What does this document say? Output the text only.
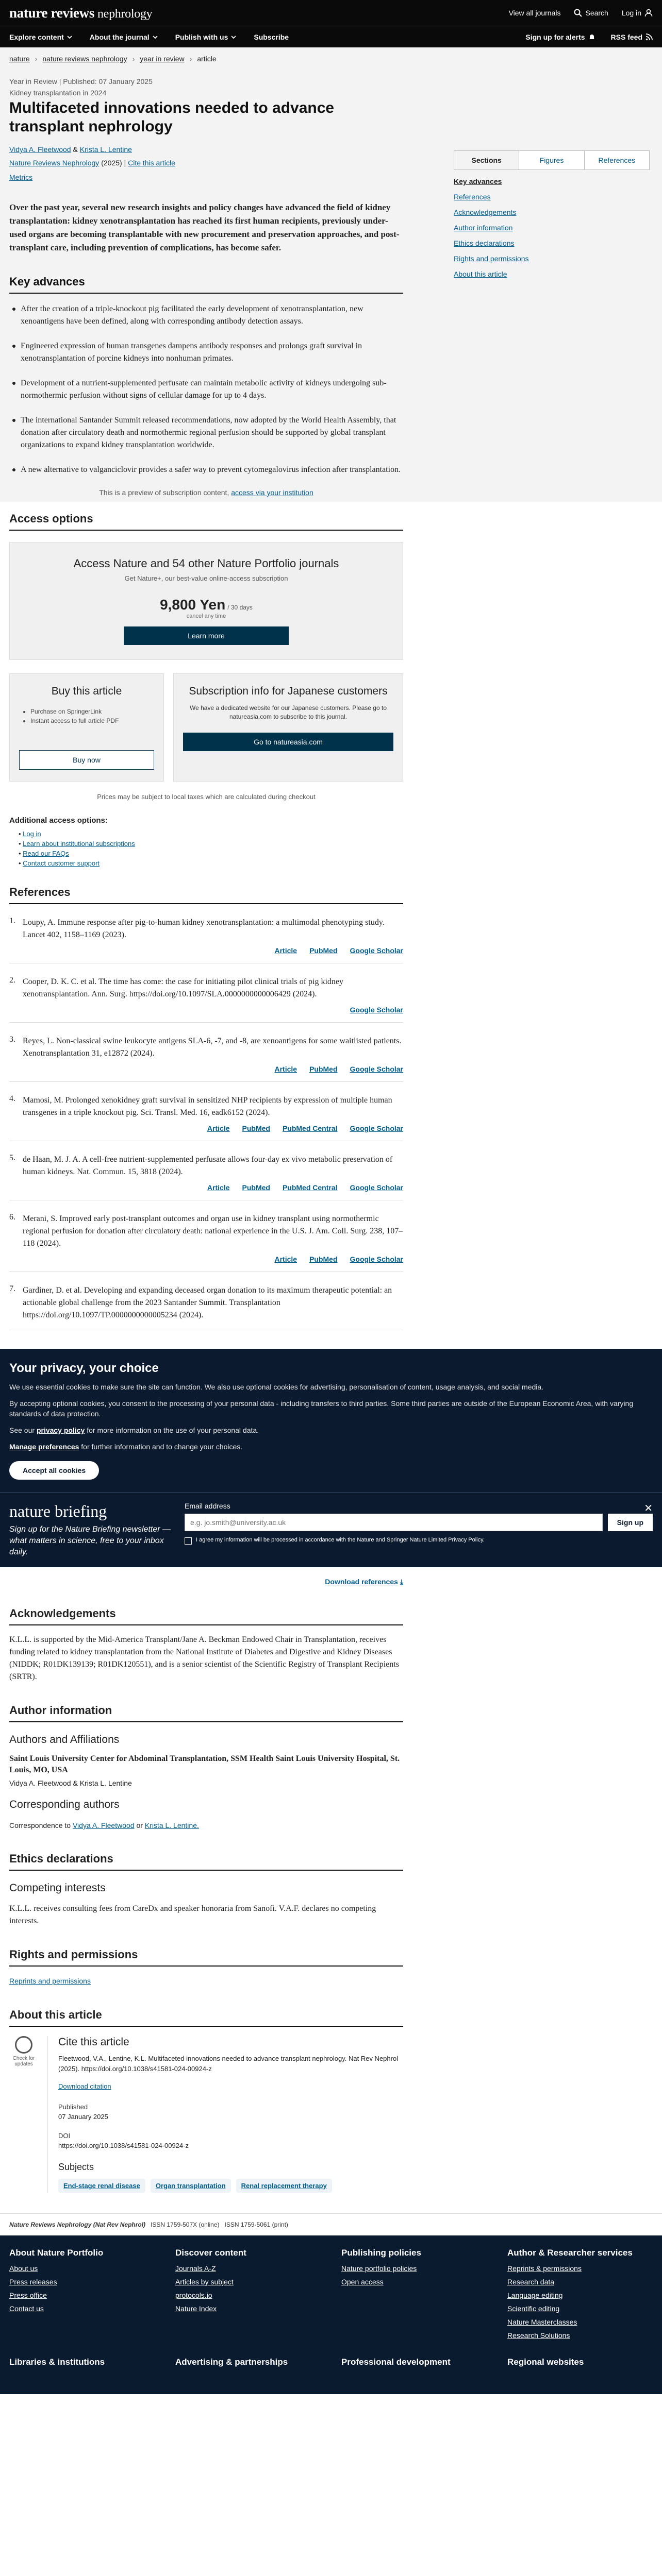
nature reviews nephrology	View all journals	Search Log in
Explore content	About the journal	Publish with us	Subscribe	Sign up for alerts	RSS feed
nature › nature reviews nephrology › year in review › article
Year in Review | Published: 07 January 2025
Kidney transplantation in 2024
Multifaceted innovations needed to advance transplant nephrology
Vidya A. Fleetwood & Krista L. Lentine
Nature Reviews Nephrology (2025) | Cite this article
Metrics

Over the past year, several new research insights and policy changes have advanced the field of kidney transplantation: kidney xenotransplantation has reached its first human recipients, previously under-used organs are becoming transplantable with new procurement and preservation approaches, and post-transplant care, including prevention of complications, has become safer.

Key advances
After the creation of a triple-knockout pig facilitated the early development of xenotransplantation, new xenoantigens have been defined, along with corresponding antibody detection assays.
Engineered expression of human transgenes dampens antibody responses and prolongs graft survival in xenotransplantation of porcine kidneys into nonhuman primates.
Development of a nutrient-supplemented perfusate can maintain metabolic activity of kidneys undergoing sub-normothermic perfusion without signs of cellular damage for up to 4 days.
The international Santander Summit released recommendations, now adopted by the World Health Assembly, that donation after circulatory death and normothermic regional perfusion should be supported by global transplant organizations to expand kidney transplantation worldwide.
A new alternative to valganciclovir provides a safer way to prevent cytomegalovirus infection after transplantation.
This is a preview of subscription content, access via your institution
Sections	Figures	References
Key advances
References
Acknowledgements
Author information
Ethics declarations
Rights and permissions
About this article
Access options
Access Nature and 54 other Nature Portfolio journals
Get Nature+, our best-value online-access subscription
9,800 Yen / 30 days
cancel any time
Learn more
Buy this article
• Purchase on SpringerLink
• Instant access to full article PDF
Buy now
Subscription info for Japanese customers

We have a dedicated website for our Japanese customers. Please go to natureasia.com to subscribe to this journal.

Go to natureasia.com
Prices may be subject to local taxes which are calculated during checkout
Additional access options:
• Log in
• Learn about institutional subscriptions
• Read our FAQs
• Contact customer support
References
1. Loupy, A. Immune response after pig-to-human kidney xenotransplantation: a multimodal phenotyping study. Lancet 402, 1158–1169 (2023).
Article PubMed Google Scholar
2. Cooper, D. K. C. et al. The time has come: the case for initiating pilot clinical trials of pig kidney xenotransplantation. Ann. Surg. https://doi.org/10.1097/SLA.0000000000006429 (2024).
Google Scholar
3. Reyes, L. Non-classical swine leukocyte antigens SLA-6, -7, and -8, are xenoantigens for some waitlisted patients. Xenotransplantation 31, e12872 (2024).
Article PubMed Google Scholar
4. Mamosi, M. Prolonged xenokidney graft survival in sensitized NHP recipients by expression of multiple human transgenes in a triple knockout pig. Sci. Transl. Med. 16, eadk6152 (2024).
Article PubMed PubMed Central Google Scholar
5. de Haan, M. J. A. A cell-free nutrient-supplemented perfusate allows four-day ex vivo metabolic preservation of human kidneys. Nat. Commun. 15, 3818 (2024).
Article PubMed PubMed Central Google Scholar
6. Merani, S. Improved early post-transplant outcomes and organ use in kidney transplant using normothermic regional perfusion for donation after circulatory death: national experience in the U.S. J. Am. Coll. Surg. 238, 107–118 (2024).
Article PubMed Google Scholar
7. Gardiner, D. et al. Developing and expanding deceased organ donation to its maximum therapeutic potential: an actionable global challenge from the 2023 Santander Summit. Transplantation https://doi.org/10.1097/TP.0000000000005234 (2024).
Your privacy, your choice

We use essential cookies to make sure the site can function. We also use optional cookies for advertising, personalisation of content, usage analysis, and social media.

By accepting optional cookies, you consent to the processing of your personal data - including transfers to third parties. Some third parties are outside of the European Economic Area, with varying standards of data protection.

See our privacy policy for more information on the use of your personal data.

Manage preferences for further information and to change your choices.

Accept all cookies
✕
nature briefing
Sign up for the Nature Briefing newsletter — what matters in science, free to your inbox daily.
Email address
e.g. jo.smith@university.ac.uk
Sign up
I agree my information will be processed in accordance with the Nature and Springer Nature Limited Privacy Policy.
Download references ⤓
Acknowledgements

K.L.L. is supported by the Mid-America Transplant/Jane A. Beckman Endowed Chair in Transplantation, receives funding related to kidney transplantation from the National Institute of Diabetes and Digestive and Kidney Diseases (NIDDK; R01DK139139; R01DK120551), and is a senior scientist of the Scientific Registry of Transplant Recipients (SRTR).

Author information
Authors and Affiliations
Saint Louis University Center for Abdominal Transplantation, SSM Health Saint Louis University Hospital, St. Louis, MO, USA
Vidya A. Fleetwood & Krista L. Lentine
Corresponding authors

Correspondence to Vidya A. Fleetwood or Krista L. Lentine.

Ethics declarations
Competing interests

K.L.L. receives consulting fees from CareDx and speaker honoraria from Sanofi. V.A.F. declares no competing interests.

Rights and permissions

Reprints and permissions

About this article
Check for updates
Cite this article

Fleetwood, V.A., Lentine, K.L. Multifaceted innovations needed to advance transplant nephrology. Nat Rev Nephrol (2025). https://doi.org/10.1038/s41581-024-00924-z

Download citation

Published
07 January 2025
DOI
https://doi.org/10.1038/s41581-024-00924-z
Subjects
End-stage renal disease	Organ transplantation	Renal replacement therapy
Nature Reviews Nephrology (Nat Rev Nephrol) ISSN 1759-507X (online) ISSN 1759-5061 (print)
About Nature Portfolio
About us
Press releases
Press office
Contact us
Discover content
Journals A-Z
Articles by subject
protocols.io
Nature Index
Publishing policies
Nature portfolio policies
Open access
Author & Researcher services
Reprints & permissions
Research data
Language editing
Scientific editing
Nature Masterclasses
Research Solutions
Libraries & institutions	Advertising & partnerships	Professional development	Regional websites
